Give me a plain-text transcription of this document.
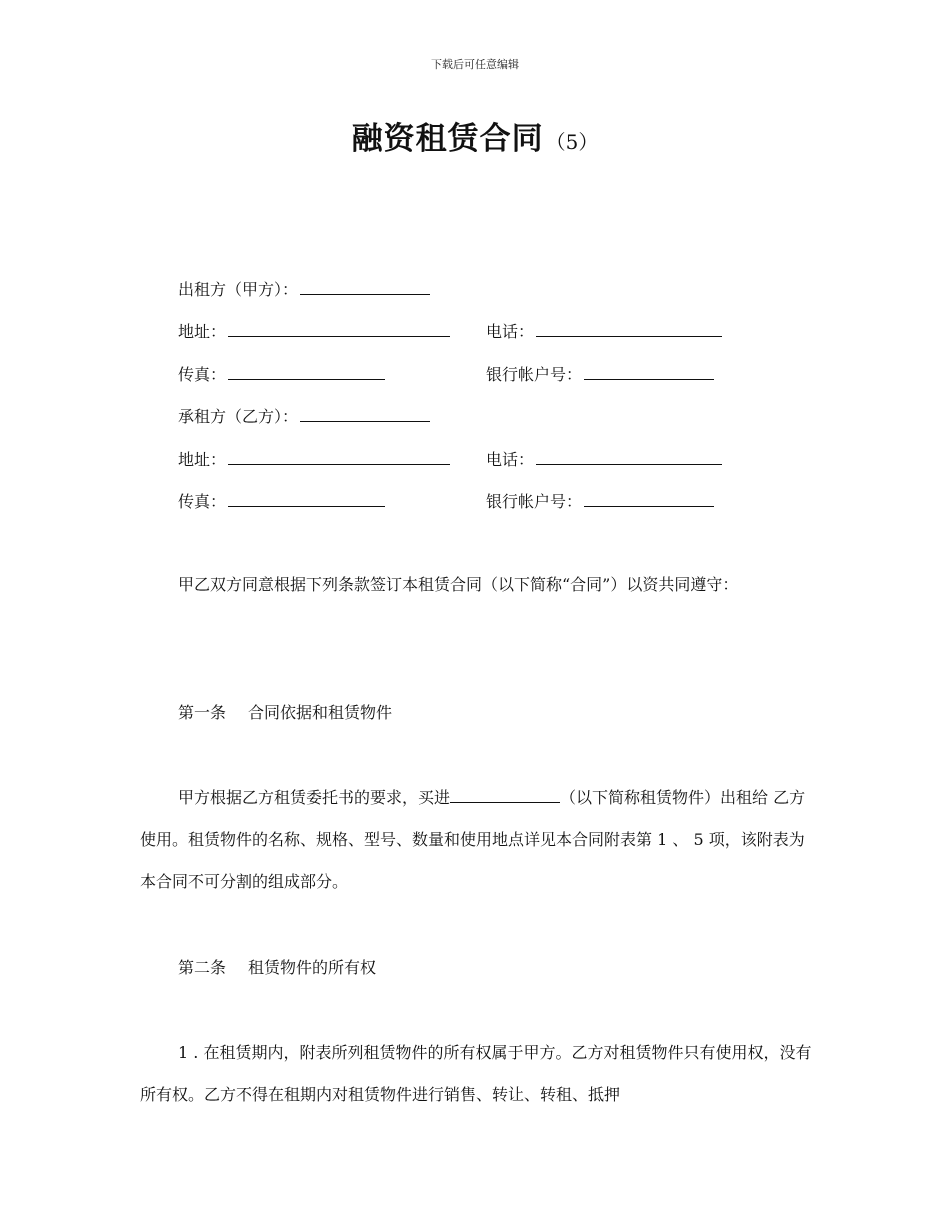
下载后可任意编辑
融资租赁合同 （5）
出租方（甲方）：
地址：	电话：
传真：	银行帐户号：
承租方（乙方）：
地址：	电话：
传真：	银行帐户号：
甲乙双方同意根据下列条款签订本租赁合同（以下简称“合同”）以资共同遵守：
第一条 合同依据和租赁物件
甲方根据乙方租赁委托书的要求，买进	（以下简称租赁物件）出租给 乙方使用。租赁物件的名称、规格、型号、数量和使用地点详见本合同附表第 1 、 5 项，该附表为本合同不可分割的组成部分。
第二条 租赁物件的所有权
1 . 在租赁期内，附表所列租赁物件的所有权属于甲方。乙方对租赁物件只有使用权，没有所有权。乙方不得在租期内对租赁物件进行销售、转让、转租、抵押
